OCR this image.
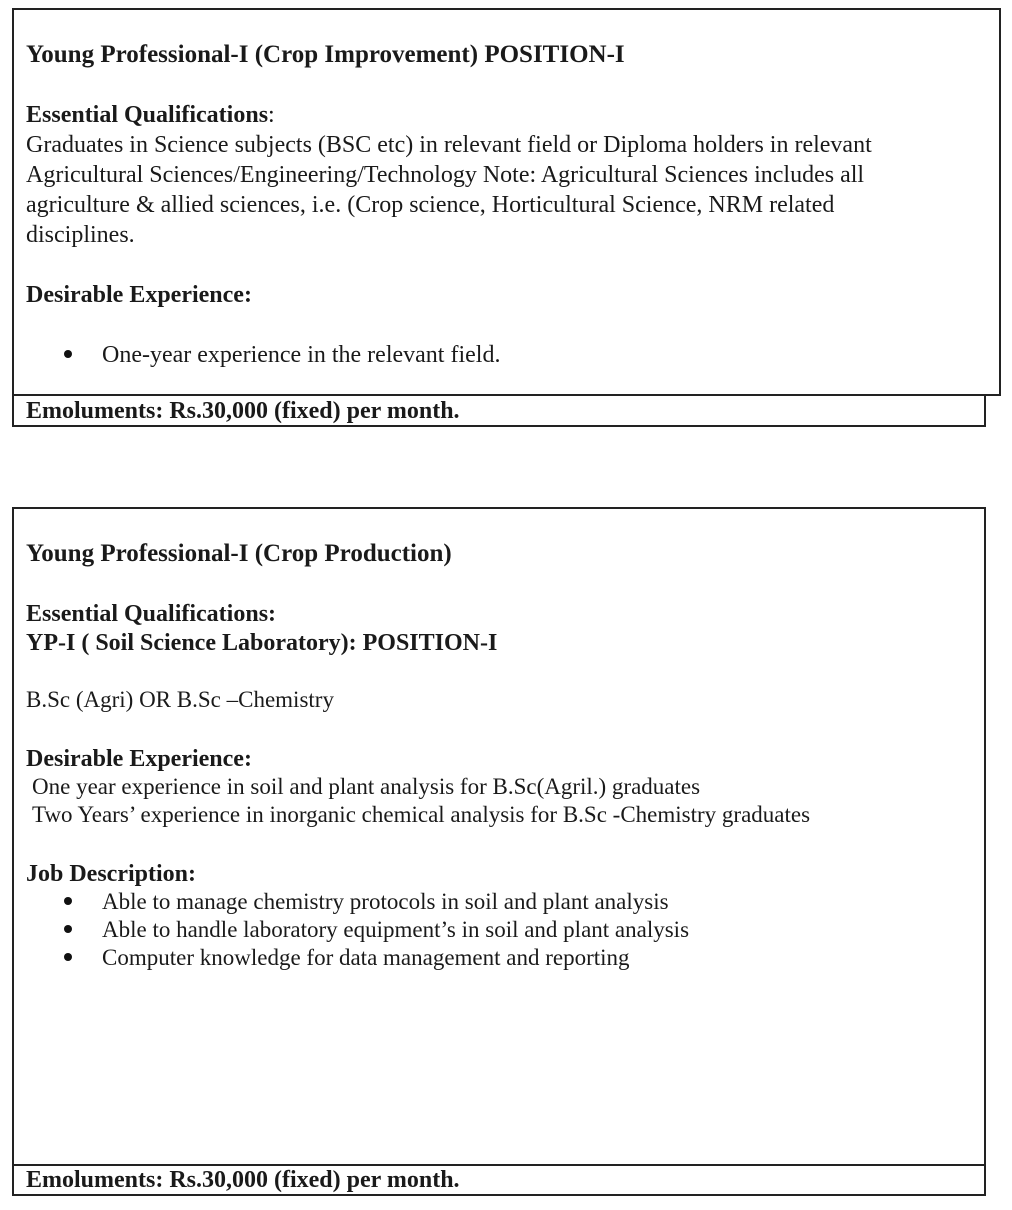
Young Professional-I (Crop Improvement) POSITION-I
Essential Qualifications:
Graduates in Science subjects (BSC etc) in relevant field or Diploma holders in relevant
Agricultural Sciences/Engineering/Technology Note: Agricultural Sciences includes all
agriculture & allied sciences, i.e. (Crop science, Horticultural Science, NRM related
disciplines.
Desirable Experience:
One-year experience in the relevant field.
Emoluments: Rs.30,000 (fixed) per month.
Young Professional-I (Crop Production)
Essential Qualifications:
YP-I ( Soil Science Laboratory): POSITION-I
B.Sc (Agri) OR B.Sc –Chemistry
Desirable Experience:
One year experience in soil and plant analysis for B.Sc(Agril.) graduates
Two Years’ experience in inorganic chemical analysis for B.Sc -Chemistry graduates
Job Description:
Able to manage chemistry protocols in soil and plant analysis
Able to handle laboratory equipment’s in soil and plant analysis
Computer knowledge for data management and reporting
Emoluments: Rs.30,000 (fixed) per month.
